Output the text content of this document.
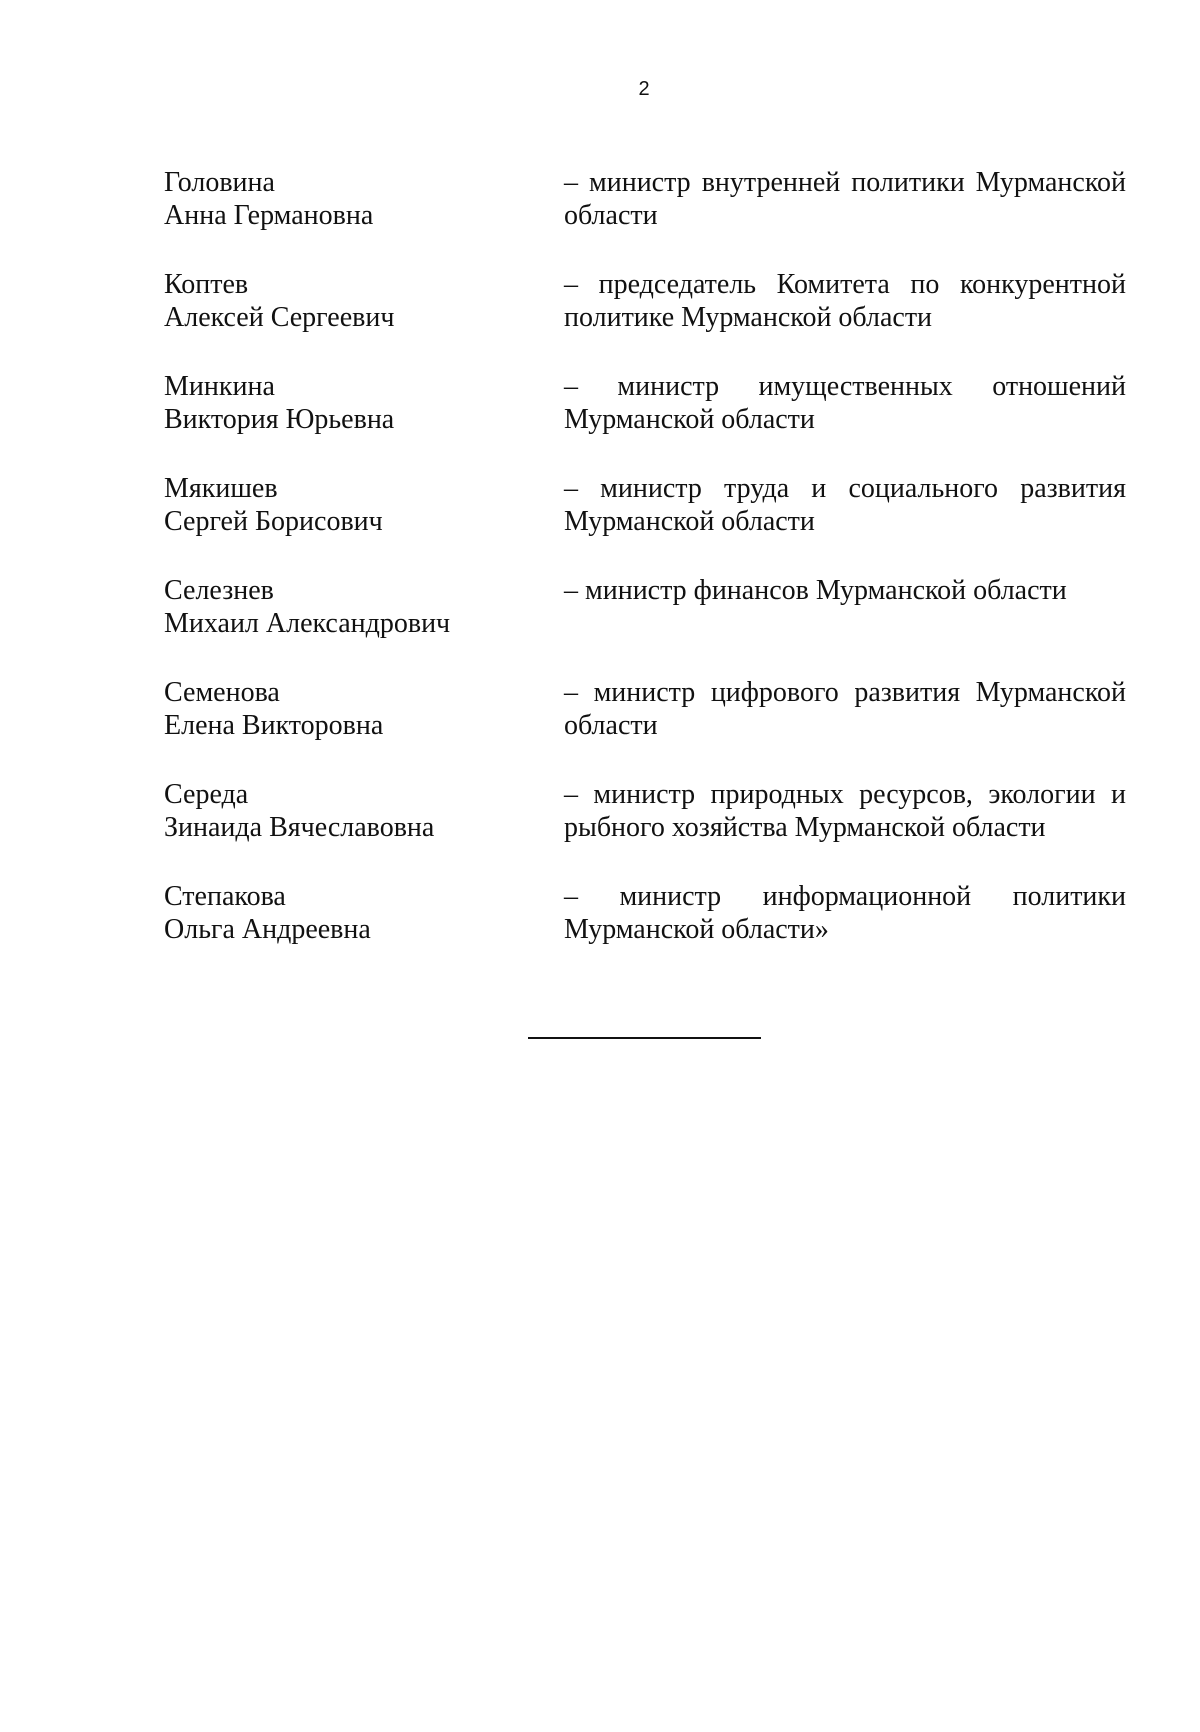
2
Головина
Анна Германовна
– министр внутренней политики Мурманской области
Коптев
Алексей Сергеевич
– председатель Комитета по конкурентной политике Мурманской области
Минкина
Виктория Юрьевна
– министр имущественных отношений Мурманской области
Мякишев
Сергей Борисович
– министр труда и социального развития Мурманской области
Селезнев
Михаил Александрович
– министр финансов Мурманской области
Семенова
Елена Викторовна
– министр цифрового развития Мурманской области
Середа
Зинаида Вячеславовна
– министр природных ресурсов, экологии и рыбного хозяйства Мурманской области
Степакова
Ольга Андреевна
– министр информационной политики Мурманской области»
